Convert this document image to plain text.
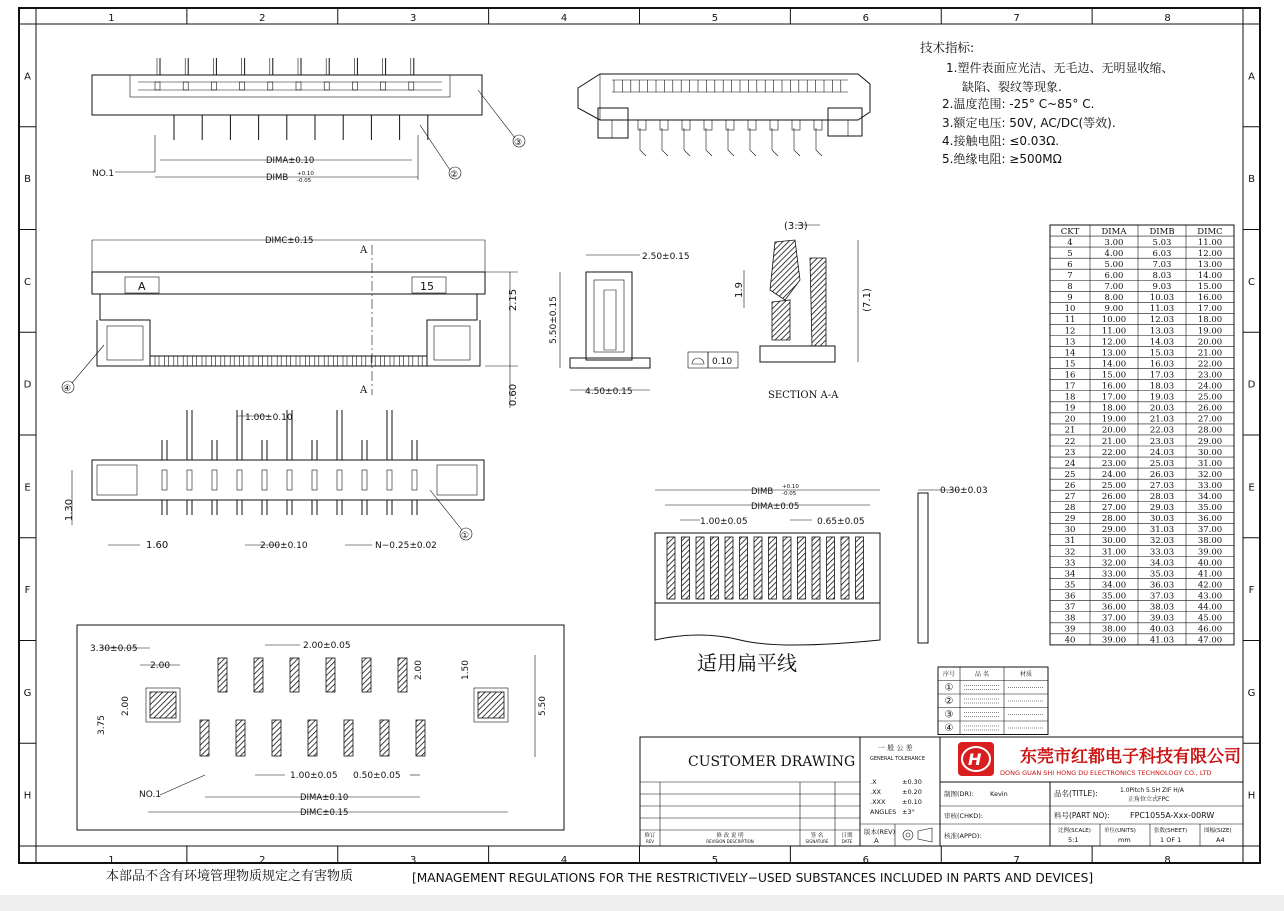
1
1
2
2
3
3
4
4
5
5
6
6
7
7
8
8
A	A
B	B
C	C
D	D
E	E
F	F
G	G
H	H
DIMA±0.10
DIMB +0.10
-0.05
NO.1	②
③
DIMC±0.15
A	15
A
A
2.15
0.60
④
2.50±0.15
5.50±0.15
4.50±0.15
0.10
(3.3)
1.9	(7.1)
SECTION A-A
1.00±0.10
1.30
1.60	2.00±0.10	N−0.25±0.02
①
DIMB +0.10
-0.05
DIMA±0.05
1.00±0.05	0.65±0.05
0.30±0.03
适用扁平线
3.30±0.05
2.00
2.00±0.05
2.00
3.75
2.00	1.50
5.50
1.00±0.05 0.50±0.05
NO.1	DIMA±0.10
DIMC±0.15
技术指标:
1.塑件表面应光洁、无毛边、无明显收缩、
缺陷、裂纹等现象.
2.温度范围: -25° C~85° C.
3.额定电压: 50V, AC/DC(等效).
4.接触电阻: ≤0.03Ω.
5.绝缘电阻: ≥500MΩ
CKT	DIMA	DIMB	DIMC
4	3.00	5.03	11.00
5	4.00	6.03	12.00
6	5.00	7.03	13.00
7	6.00	8.03	14.00
8	7.00	9.03	15.00
9	8.00	10.03	16.00
10	9.00	11.03	17.00
11	10.00	12.03	18.00
12	11.00	13.03	19.00
13	12.00	14.03	20.00
14	13.00	15.03	21.00
15	14.00	16.03	22.00
16	15.00	17.03	23.00
17	16.00	18.03	24.00
18	17.00	19.03	25.00
19	18.00	20.03	26.00
20	19.00	21.03	27.00
21	20.00	22.03	28.00
22	21.00	23.03	29.00
23	22.00	24.03	30.00
24	23.00	25.03	31.00
25	24.00	26.03	32.00
26	25.00	27.03	33.00
27	26.00	28.03	34.00
28	27.00	29.03	35.00
29	28.00	30.03	36.00
30	29.00	31.03	37.00
31	30.00	32.03	38.00
32	31.00	33.03	39.00
33	32.00	34.03	40.00
34	33.00	35.03	41.00
35	34.00	36.03	42.00
36	35.00	37.03	43.00
37	36.00	38.03	44.00
38	37.00	39.03	45.00
39	38.00	40.03	46.00
40	39.00	41.03	47.00
序号	品 名	材质
①
②
③
④
CUSTOMER DRAWING
一 般 公 差
GENERAL TOLERANCE
.X	±0.30
.XX	±0.20
.XXX	±0.10
ANGLES ±3°
版本(REV)
A
修订
REV
修 改 说 明
REVISION DESCRIPTION
签 名
SIGNATURE
日期
DATE
H 东莞市红都电子科技有限公司
DONG GUAN SHI HONG DU ELECTRONICS TECHNOLOGY CO., LTD
制图(DR): Kevin
审核(CHKD):
核准(APPD):
品名(TITLE):	1.0Pitch 5.5H ZIF H/A
正角位立式FPC
料号(PART NO):	FPC1055A-Xxx-00RW
比例(SCALE)
5:1
单位(UNITS)
mm
张数(SHEET)
1 OF 1
图幅(SIZE)
A4
本部品不含有环境管理物质规定之有害物质	[MANAGEMENT REGULATIONS FOR THE RESTRICTIVELY−USED SUBSTANCES INCLUDED IN PARTS AND DEVICES]
